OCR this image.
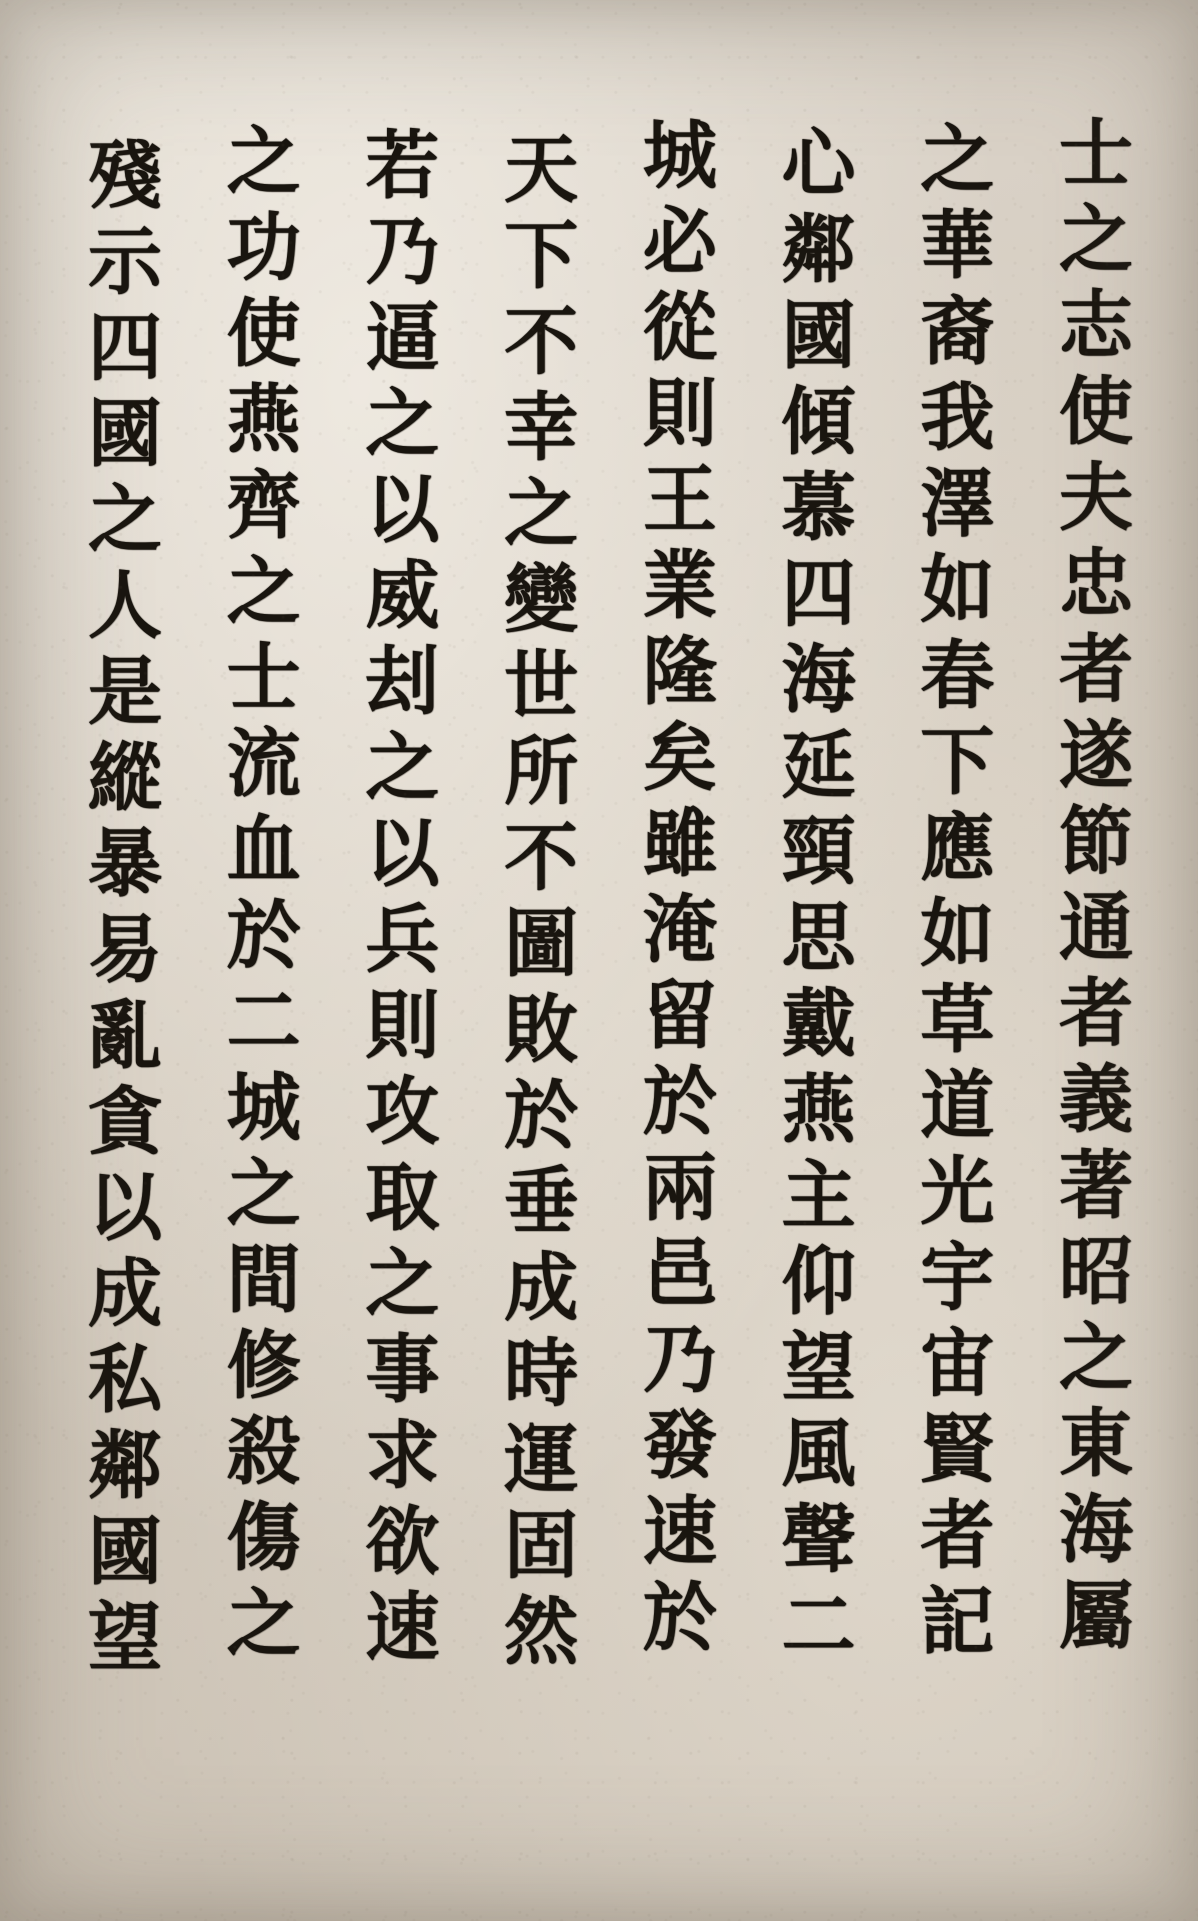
士之志使夫忠者遂節通者義著昭之東海屬
之華裔我澤如春下應如草道光宇宙賢者記
心鄰國傾慕四海延頸思戴燕主仰望風聲二
城必從則王業隆矣雖淹留於兩邑乃發速於
天下不幸之變世所不圖敗於垂成時運固然
若乃逼之以威刦之以兵則攻取之事求欲速
之功使燕齊之士流血於二城之間修殺傷之
殘示四國之人是縱暴易亂貪以成私鄰國望
